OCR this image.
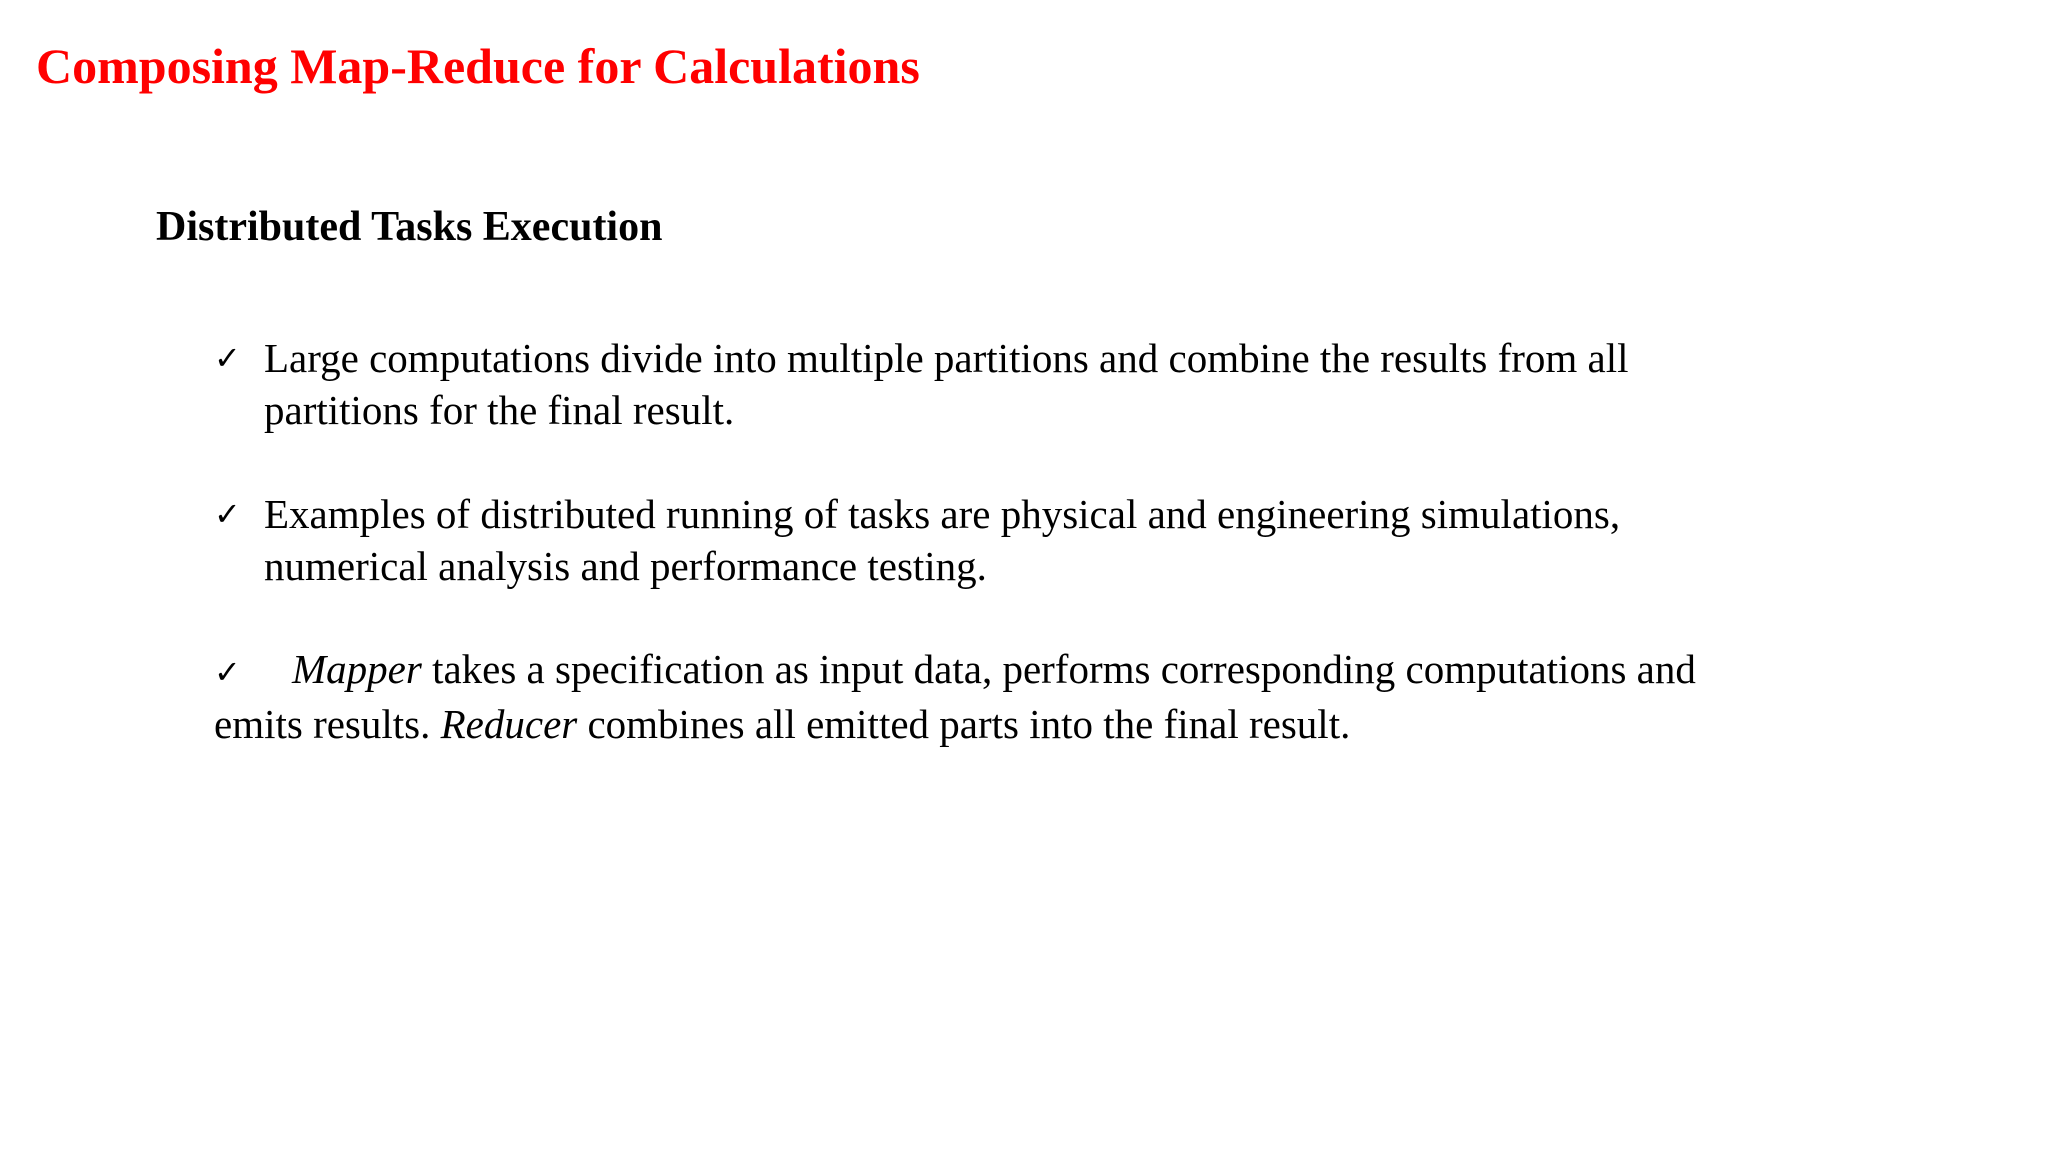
Composing Map-Reduce for Calculations
Distributed Tasks Execution
✓ Large computations divide into multiple partitions and combine the results from all
partitions for the final result.
✓ Examples of distributed running of tasks are physical and engineering simulations,
numerical analysis and performance testing.
✓ Mapper takes a specification as input data, performs corresponding computations and
emits results. Reducer combines all emitted parts into the final result.
